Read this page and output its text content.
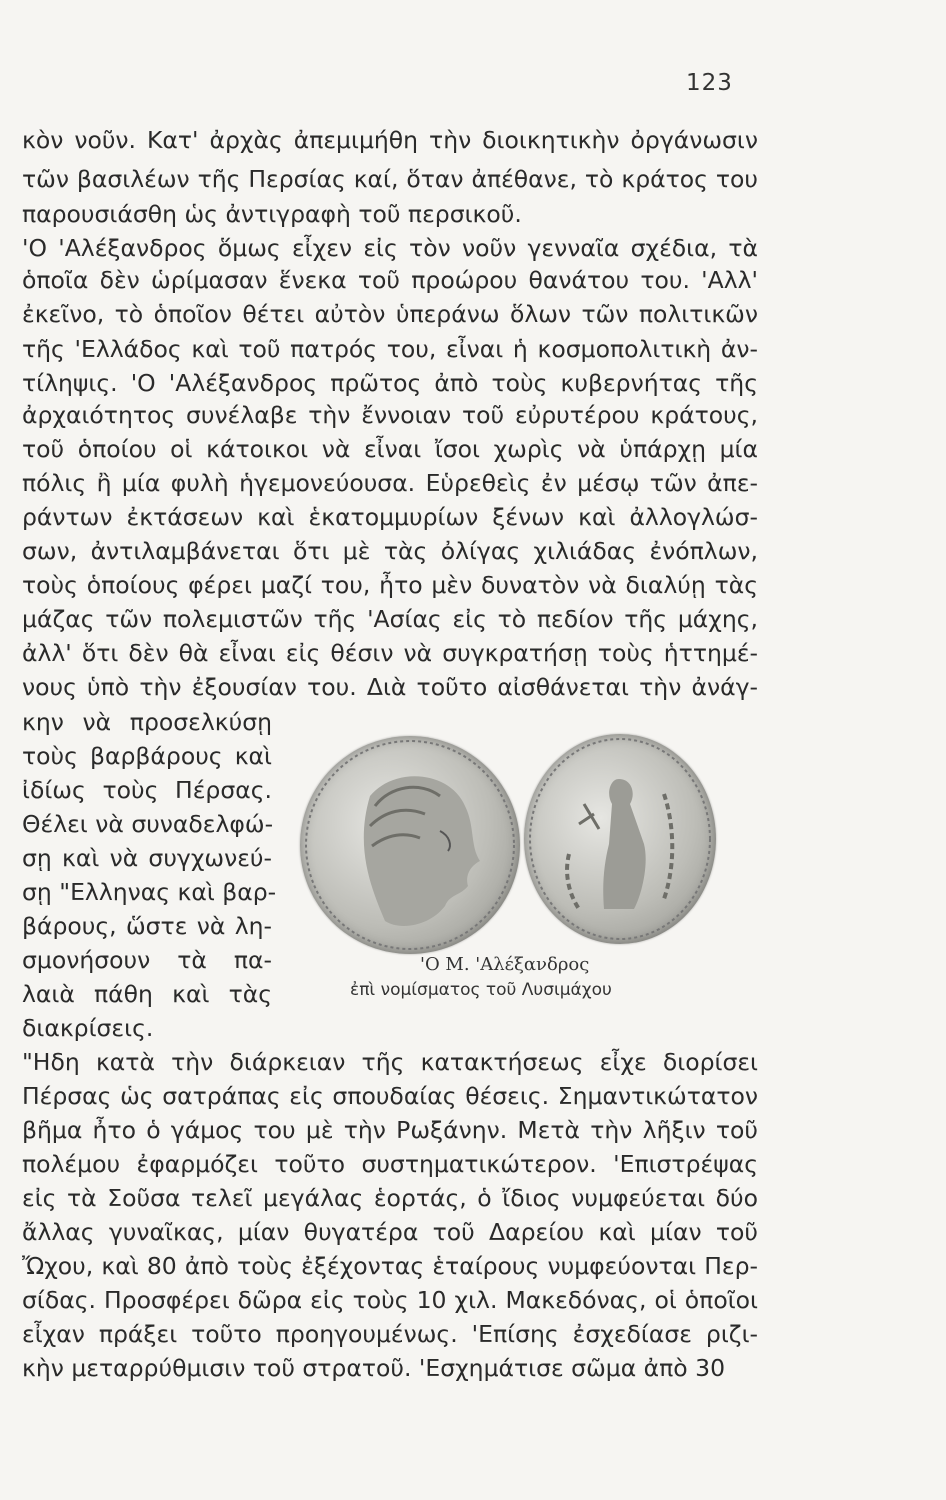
123
κὸν νοῦν. Κατ' ἀρχὰς ἀπεμιμήθη τὴν διοικητικὴν ὀργάνωσιν
τῶν βασιλέων τῆς Περσίας καί, ὅταν ἀπέθανε, τὸ κράτος του
παρουσιάσθη ὡς ἀντιγραφὴ τοῦ περσικοῦ.
'Ο 'Αλέξανδρος ὅμως εἶχεν εἰς τὸν νοῦν γενναῖα σχέδια, τὰ
ὁποῖα δὲν ὡρίμασαν ἕνεκα τοῦ προώρου θανάτου του. 'Αλλ'
ἐκεῖνο, τὸ ὁποῖον θέτει αὐτὸν ὑπεράνω ὅλων τῶν πολιτικῶν
τῆς 'Ελλάδος καὶ τοῦ πατρός του, εἶναι ἡ κοσμοπολιτικὴ ἀν-
τίληψις. 'Ο 'Αλέξανδρος πρῶτος ἀπὸ τοὺς κυβερνήτας τῆς
ἀρχαιότητος συνέλαβε τὴν ἔννοιαν τοῦ εὐρυτέρου κράτους,
τοῦ ὁποίου οἱ κάτοικοι νὰ εἶναι ἴσοι χωρὶς νὰ ὑπάρχῃ μία
πόλις ἢ μία φυλὴ ἡγεμονεύουσα. Εὑρεθεὶς ἐν μέσῳ τῶν ἀπε-
ράντων ἐκτάσεων καὶ ἑκατομμυρίων ξένων καὶ ἀλλογλώσ-
σων, ἀντιλαμβάνεται ὅτι μὲ τὰς ὀλίγας χιλιάδας ἐνόπλων,
τοὺς ὁποίους φέρει μαζί του, ἦτο μὲν δυνατὸν νὰ διαλύῃ τὰς
μάζας τῶν πολεμιστῶν τῆς 'Ασίας εἰς τὸ πεδίον τῆς μάχης,
ἀλλ' ὅτι δὲν θὰ εἶναι εἰς θέσιν νὰ συγκρατήσῃ τοὺς ἡττημέ-
νους ὑπὸ τὴν ἐξουσίαν του. Διὰ τοῦτο αἰσθάνεται τὴν ἀνάγ-
κην νὰ προσελκύσῃ
τοὺς βαρβάρους καὶ
ἰδίως τοὺς Πέρσας.
Θέλει νὰ συναδελφώ-
σῃ καὶ νὰ συγχωνεύ-
σῃ "Ελληνας καὶ βαρ-
βάρους, ὥστε νὰ λη-
σμονήσουν τὰ πα-
λαιὰ πάθη καὶ τὰς
διακρίσεις.
"Ηδη κατὰ τὴν διάρκειαν τῆς κατακτήσεως εἶχε διορίσει
Πέρσας ὡς σατράπας εἰς σπουδαίας θέσεις. Σημαντικώτατον
βῆμα ἦτο ὁ γάμος του μὲ τὴν Ρωξάνην. Μετὰ τὴν λῆξιν τοῦ
πολέμου ἐφαρμόζει τοῦτο συστηματικώτερον. 'Επιστρέψας
εἰς τὰ Σοῦσα τελεῖ μεγάλας ἑορτάς, ὁ ἴδιος νυμφεύεται δύο
ἄλλας γυναῖκας, μίαν θυγατέρα τοῦ Δαρείου καὶ μίαν τοῦ
Ὤχου, καὶ 80 ἀπὸ τοὺς ἐξέχοντας ἑταίρους νυμφεύονται Περ-
σίδας. Προσφέρει δῶρα εἰς τοὺς 10 χιλ. Μακεδόνας, οἱ ὁποῖοι
εἶχαν πράξει τοῦτο προηγουμένως. 'Επίσης ἐσχεδίασε ριζι-
κὴν μεταρρύθμισιν τοῦ στρατοῦ. 'Εσχημάτισε σῶμα ἀπὸ 30
'Ο Μ. 'Αλέξανδρος
ἐπὶ νομίσματος τοῦ Λυσιμάχου
